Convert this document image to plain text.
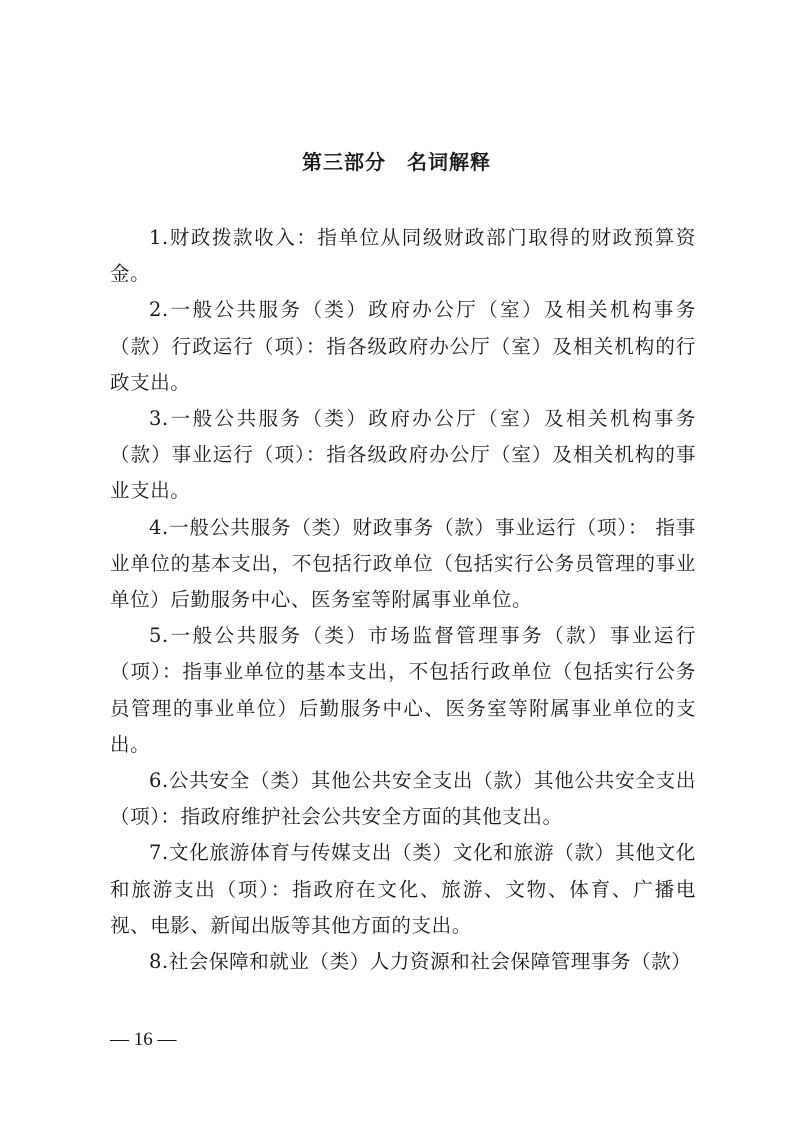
第三部分　名词解释

1.财政拨款收入：指单位从同级财政部门取得的财政预算资金。

2.一般公共服务（类）政府办公厅（室）及相关机构事务（款）行政运行（项）：指各级政府办公厅（室）及相关机构的行政支出。

3.一般公共服务（类）政府办公厅（室）及相关机构事务（款）事业运行（项）：指各级政府办公厅（室）及相关机构的事业支出。

4.一般公共服务（类）财政事务（款）事业运行（项）： 指事业单位的基本支出，不包括行政单位（包括实行公务员管理的事业单位）后勤服务中心、医务室等附属事业单位。

5.一般公共服务（类）市场监督管理事务（款）事业运行（项）：指事业单位的基本支出，不包括行政单位（包括实行公务员管理的事业单位）后勤服务中心、医务室等附属事业单位的支出。

6.公共安全（类）其他公共安全支出（款）其他公共安全支出（项）：指政府维护社会公共安全方面的其他支出。

7.文化旅游体育与传媒支出（类）文化和旅游（款）其他文化和旅游支出（项）：指政府在文化、旅游、文物、体育、广播电视、电影、新闻出版等其他方面的支出。

8.社会保障和就业（类）人力资源和社会保障管理事务（款）

— 16 —
